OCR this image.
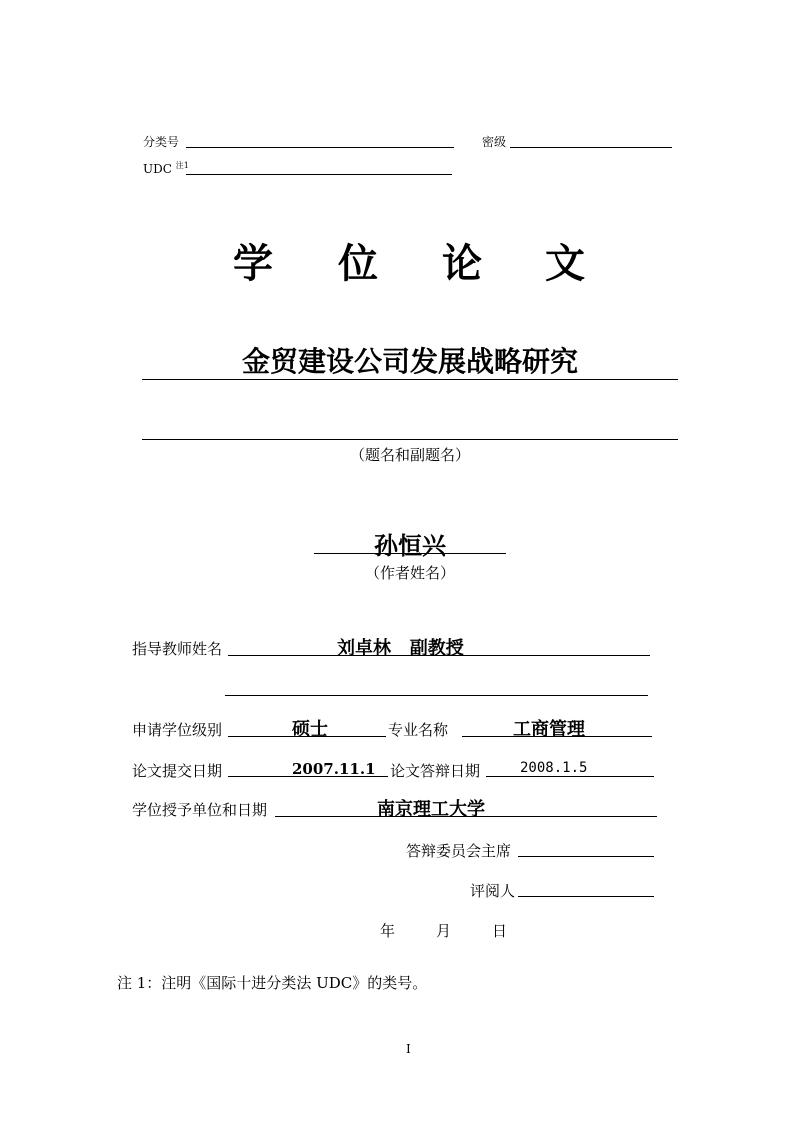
分类号	密级
UDC $^{注1}$
学 位 论 文
金贸建设公司发展战略研究
（题名和副题名）
孙恒兴
（作者姓名）
指导教师姓名	刘卓林   副教授
申请学位级别	硕士	专业名称	工商管理
论文提交日期	2007.11.1 论文答辩日期	2008.1.5
学位授予单位和日期	南京理工大学
答辩委员会主席
评阅人
年	月	日
注 1：注明《国际十进分类法 UDC》的类号。
I
